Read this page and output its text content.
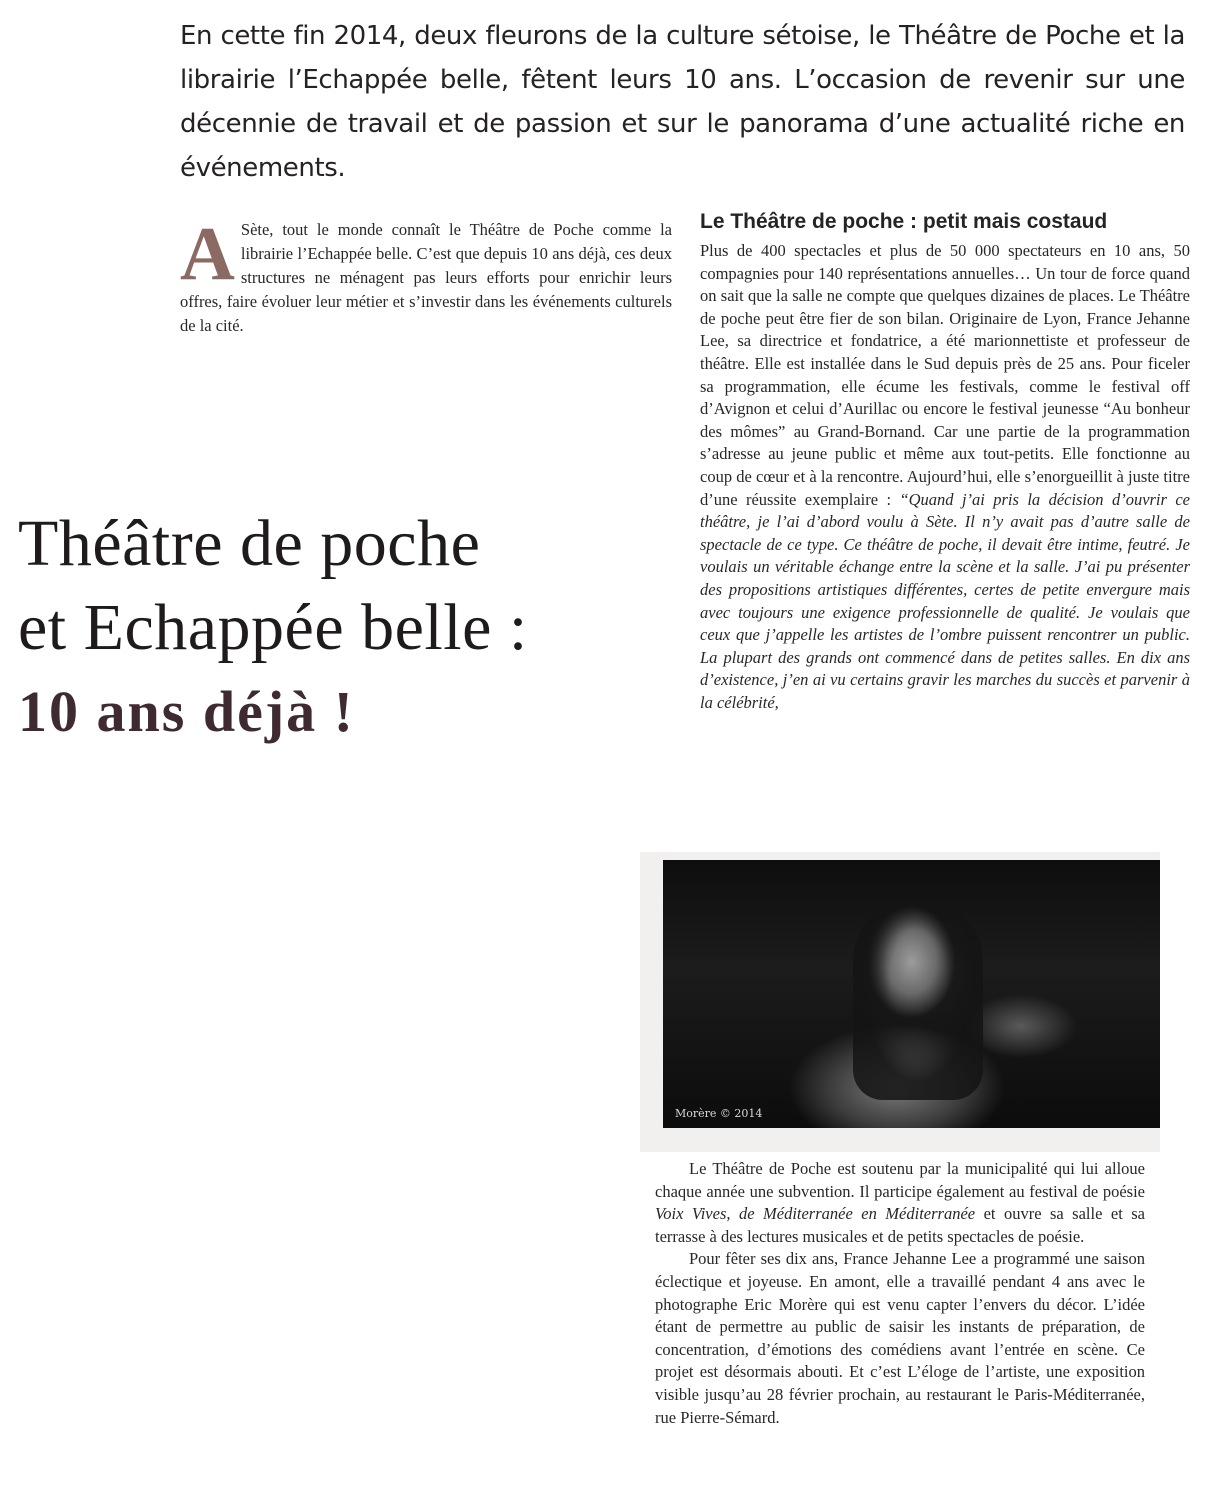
En cette fin 2014, deux fleurons de la culture sétoise, le Théâtre de Poche et la librairie l’Echappée belle, fêtent leurs 10 ans. L’occasion de revenir sur une décennie de travail et de passion et sur le panorama d’une actualité riche en événements.
A Sète, tout le monde connaît le Théâtre de Poche comme la librairie l’Echappée belle. C’est que depuis 10 ans déjà, ces deux structures ne ménagent pas leurs efforts pour enrichir leurs offres, faire évoluer leur métier et s’investir dans les événements culturels de la cité.
Théâtre de poche
et Echappée belle :
10 ans déjà !
Le Théâtre de poche : petit mais costaud
Plus de 400 spectacles et plus de 50 000 spectateurs en 10 ans, 50 compagnies pour 140 représentations annuelles… Un tour de force quand on sait que la salle ne compte que quelques dizaines de places. Le Théâtre de poche peut être fier de son bilan. Originaire de Lyon, France Jehanne Lee, sa directrice et fondatrice, a été marionnettiste et professeur de théâtre. Elle est installée dans le Sud depuis près de 25 ans. Pour ficeler sa programmation, elle écume les festivals, comme le festival off d’Avignon et celui d’Aurillac ou encore le festival jeunesse “Au bonheur des mômes” au Grand-Bornand. Car une partie de la programmation s’adresse au jeune public et même aux tout-petits. Elle fonctionne au coup de cœur et à la rencontre. Aujourd’hui, elle s’enorgueillit à juste titre d’une réussite exemplaire : “Quand j’ai pris la décision d’ouvrir ce théâtre, je l’ai d’abord voulu à Sète. Il n’y avait pas d’autre salle de spectacle de ce type. Ce théâtre de poche, il devait être intime, feutré. Je voulais un véritable échange entre la scène et la salle. J’ai pu présenter des propositions artistiques différentes, certes de petite envergure mais avec toujours une exigence professionnelle de qualité. Je voulais que ceux que j’appelle les artistes de l’ombre puissent rencontrer un public. La plupart des grands ont commencé dans de petites salles. En dix ans d’existence, j’en ai vu certains gravir les marches du succès et parvenir à la célébrité,
Morère © 2014

Le Théâtre de Poche est soutenu par la municipalité qui lui alloue chaque année une subvention. Il participe également au festival de poésie Voix Vives, de Méditerranée en Méditerranée et ouvre sa salle et sa terrasse à des lectures musicales et de petits spectacles de poésie.

Pour fêter ses dix ans, France Jehanne Lee a programmé une saison éclectique et joyeuse. En amont, elle a travaillé pendant 4 ans avec le photographe Eric Morère qui est venu capter l’envers du décor. L’idée étant de permettre au public de saisir les instants de préparation, de concentration, d’émotions des comédiens avant l’entrée en scène. Ce projet est désormais abouti. Et c’est L’éloge de l’artiste, une exposition visible jusqu’au 28 février prochain, au restaurant le Paris-Méditerranée, rue Pierre-Sémard.
